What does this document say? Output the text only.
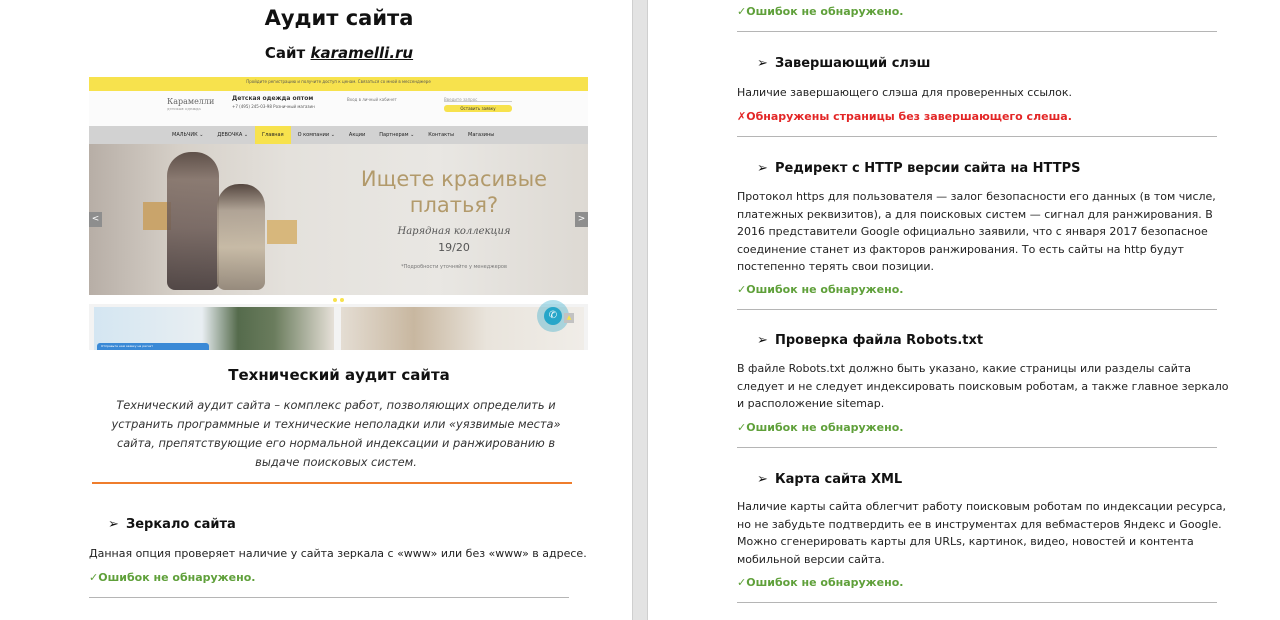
Аудит сайта
Сайт karamelli.ru
Пройдите регистрацию и получите доступ к ценам. Связаться со мной в мессенджере
Карамелли
детская одежда
Детская одежда оптом
+7 (495) 245-03-98 Розничный магазин
Вход в личный кабинет	Введите запрос
Оставить заявку
МАЛЬЧИК ⌄	ДЕВОЧКА ⌄	Главная	О компании ⌄	Акции	Партнерам ⌄	Контакты	Магазины
Ищете красивые платья?
Нарядная коллекция
19/20
*Подробности уточняйте у менеджеров
<	>
Отправьте нам заявку на расчет
✆	▲
Технический аудит сайта
Технический аудит сайта – комплекс работ, позволяющих определить и устранить программные и технические неполадки или «уязвимые места» сайта, препятствующие его нормальной индексации и ранжированию в выдаче поисковых систем.
➢ Зеркало сайта
Данная опция проверяет наличие у сайта зеркала с «www» или без «www» в адресе.
✓Ошибок не обнаружено.
✓Ошибок не обнаружено.
➢ Завершающий слэш
Наличие завершающего слэша для проверенных ссылок.
✗Обнаружены страницы без завершающего слеша.
➢ Редирект с HTTP версии сайта на HTTPS
Протокол https для пользователя — залог безопасности его данных (в том числе, платежных реквизитов), а для поисковых систем — сигнал для ранжирования. В 2016 представители Google официально заявили, что с января 2017 безопасное соединение станет из факторов ранжирования. То есть сайты на http будут постепенно терять свои позиции.
✓Ошибок не обнаружено.
➢ Проверка файла Robots.txt
В файле Robots.txt должно быть указано, какие страницы или разделы сайта следует и не следует индексировать поисковым роботам, а также главное зеркало и расположение sitemap.
✓Ошибок не обнаружено.
➢ Карта сайта XML
Наличие карты сайта облегчит работу поисковым роботам по индексации ресурса, но не забудьте подтвердить ее в инструментах для вебмастеров Яндекс и Google. Можно сгенерировать карты для URLs, картинок, видео, новостей и контента мобильной версии сайта.
✓Ошибок не обнаружено.
